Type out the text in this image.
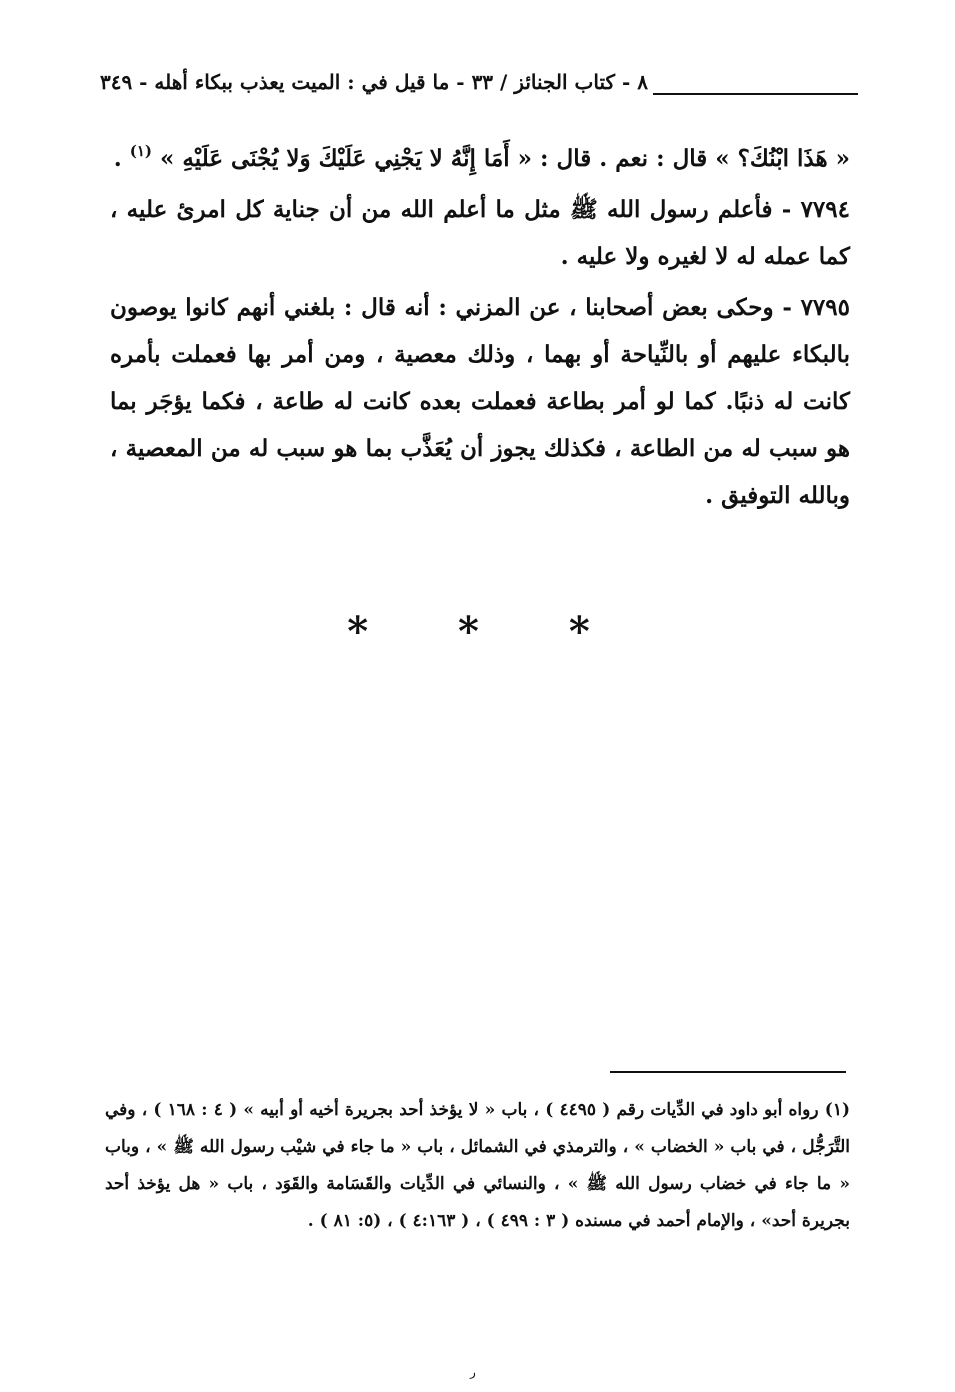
٨ - كتاب الجنائز / ٣٣ - ما قيل في : الميت يعذب ببكاء أهله - ٣٤٩

« هَذَا ابْنُكَ؟ » قال : نعم . قال : « أَمَا إِنَّهُ لا يَجْنِي عَلَيْكَ وَلا يُجْنَى عَلَيْهِ » $^{(١)}$ .

٧٧٩٤ - فأعلم رسول الله ﷺ مثل ما أعلم الله من أن جناية كل امرئ عليه ، كما عمله له لا لغيره ولا عليه .

٧٧٩٥ - وحكى بعض أصحابنا ، عن المزني : أنه قال : بلغني أنهم كانوا يوصون بالبكاء عليهم أو بالنِّياحة أو بهما ، وذلك معصية ، ومن أمر بها فعملت بأمره كانت له ذنبًا. كما لو أمر بطاعة فعملت بعده كانت له طاعة ، فكما يؤجَر بما هو سبب له من الطاعة ، فكذلك يجوز أن يُعَذَّب بما هو سبب له من المعصية ، وبالله التوفيق .

* * *

(١) رواه أبو داود في الدِّيات رقم ( ٤٤٩٥ ) ، باب « لا يؤخذ أحد بجريرة أخيه أو أبيه » ( ٤ : ١٦٨ ) ، وفي التَّرَجُّل ، في باب « الخضاب » ، والترمذي في الشمائل ، باب « ما جاء في شيْب رسول الله ﷺ » ، وباب « ما جاء في خضاب رسول الله ﷺ » ، والنسائي في الدِّيات والقَسَامة والقَوَد ، باب « هل يؤخذ أحد بجريرة أحد» ، والإمام أحمد في مسنده ( ٣ : ٤٩٩ ) ، ( ٤:١٦٣ ) ، (٥: ٨١ ) .

ر
